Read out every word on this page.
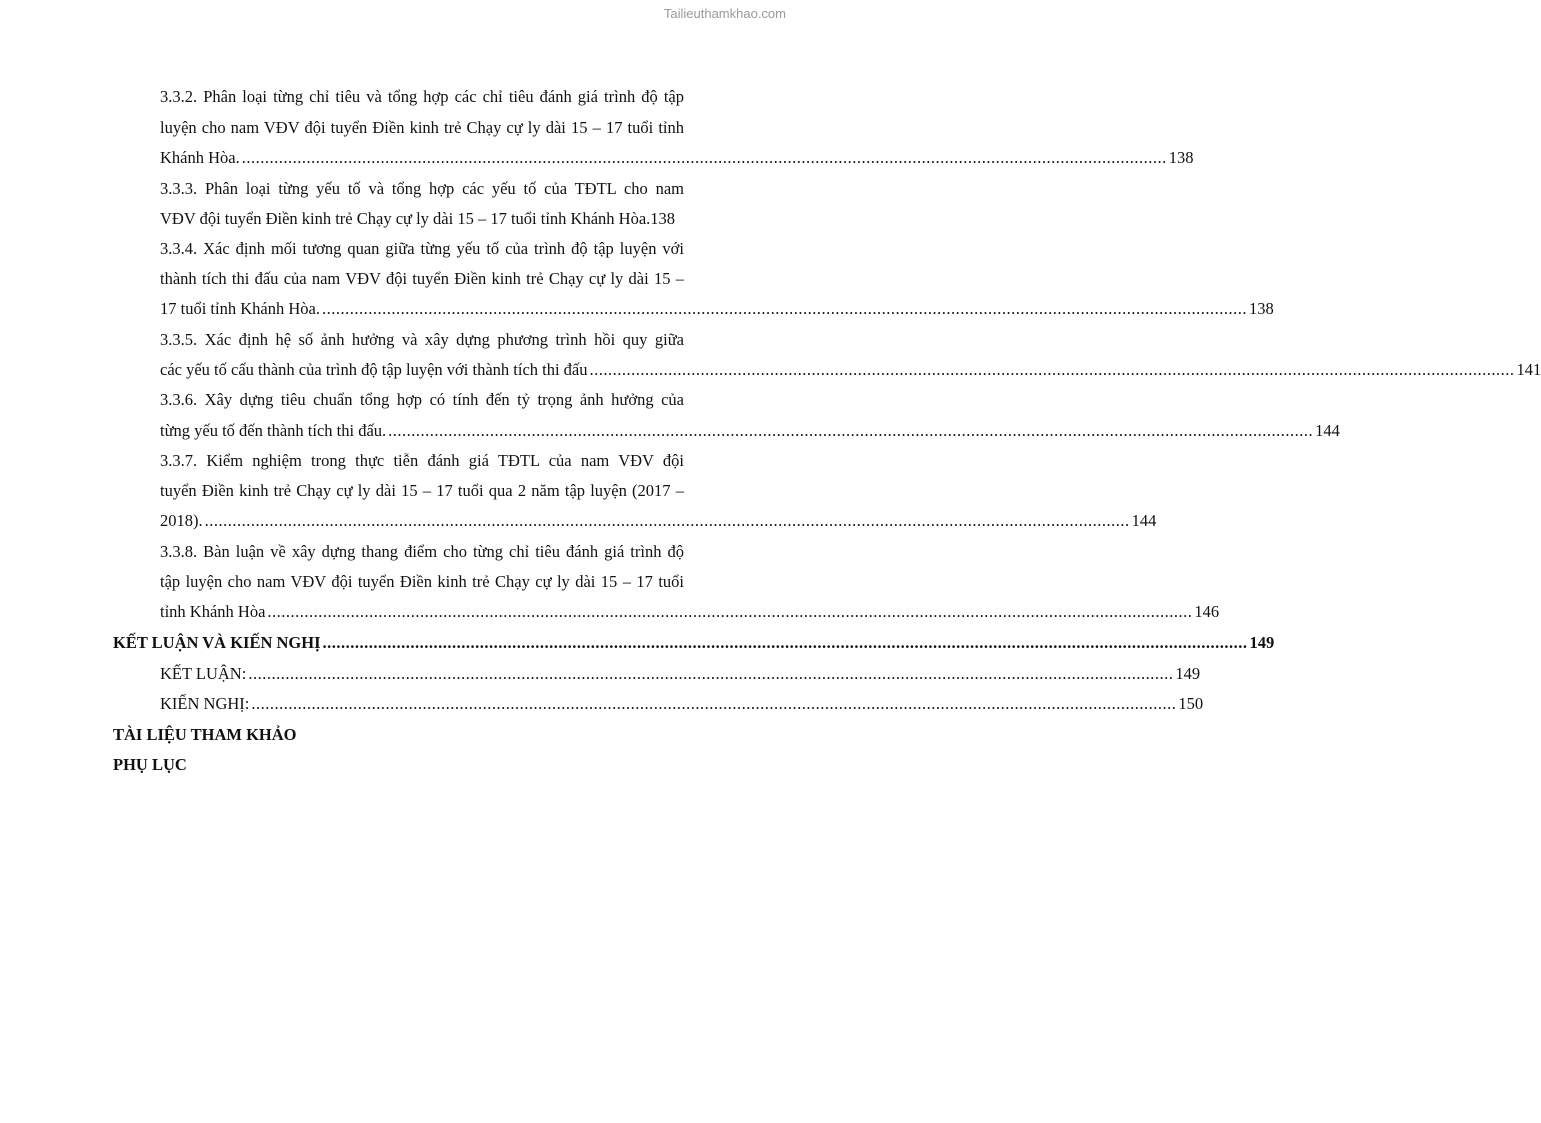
Tailieuthamkhao.com
3.3.2. Phân loại từng chỉ tiêu và tổng hợp các chỉ tiêu đánh giá trình độ tập
luyện cho nam VĐV đội tuyển Điền kinh trẻ Chạy cự ly dài 15 – 17 tuổi tỉnh
Khánh Hòa. ........................................................................................................................................................................................................ 138
3.3.3. Phân loại từng yếu tố và tổng hợp các yếu tố của TĐTL cho nam
VĐV đội tuyển Điền kinh trẻ Chạy cự ly dài 15 – 17 tuổi tỉnh Khánh Hòa. 138
3.3.4. Xác định mối tương quan giữa từng yếu tố của trình độ tập luyện với
thành tích thi đấu của nam VĐV đội tuyển Điền kinh trẻ Chạy cự ly dài 15 –
17 tuổi tỉnh Khánh Hòa. ........................................................................................................................................................................................................ 138
3.3.5. Xác định hệ số ảnh hưởng và xây dựng phương trình hồi quy giữa
các yếu tố cấu thành của trình độ tập luyện với thành tích thi đấu ........................................................................................................................................................................................................ 141
3.3.6. Xây dựng tiêu chuẩn tổng hợp có tính đến tỷ trọng ảnh hưởng của
từng yếu tố đến thành tích thi đấu. ........................................................................................................................................................................................................ 144
3.3.7. Kiểm nghiệm trong thực tiễn đánh giá TĐTL của nam VĐV đội
tuyển Điền kinh trẻ Chạy cự ly dài 15 – 17 tuổi qua 2 năm tập luyện (2017 –
2018). ........................................................................................................................................................................................................ 144
3.3.8. Bàn luận về xây dựng thang điểm cho từng chỉ tiêu đánh giá trình độ
tập luyện cho nam VĐV đội tuyển Điền kinh trẻ Chạy cự ly dài 15 – 17 tuổi
tỉnh Khánh Hòa ........................................................................................................................................................................................................ 146
KẾT LUẬN VÀ KIẾN NGHỊ ........................................................................................................................................................................................................ 149
KẾT LUẬN: ........................................................................................................................................................................................................ 149
KIẾN NGHỊ: ........................................................................................................................................................................................................ 150
TÀI LIỆU THAM KHẢO
PHỤ LỤC
